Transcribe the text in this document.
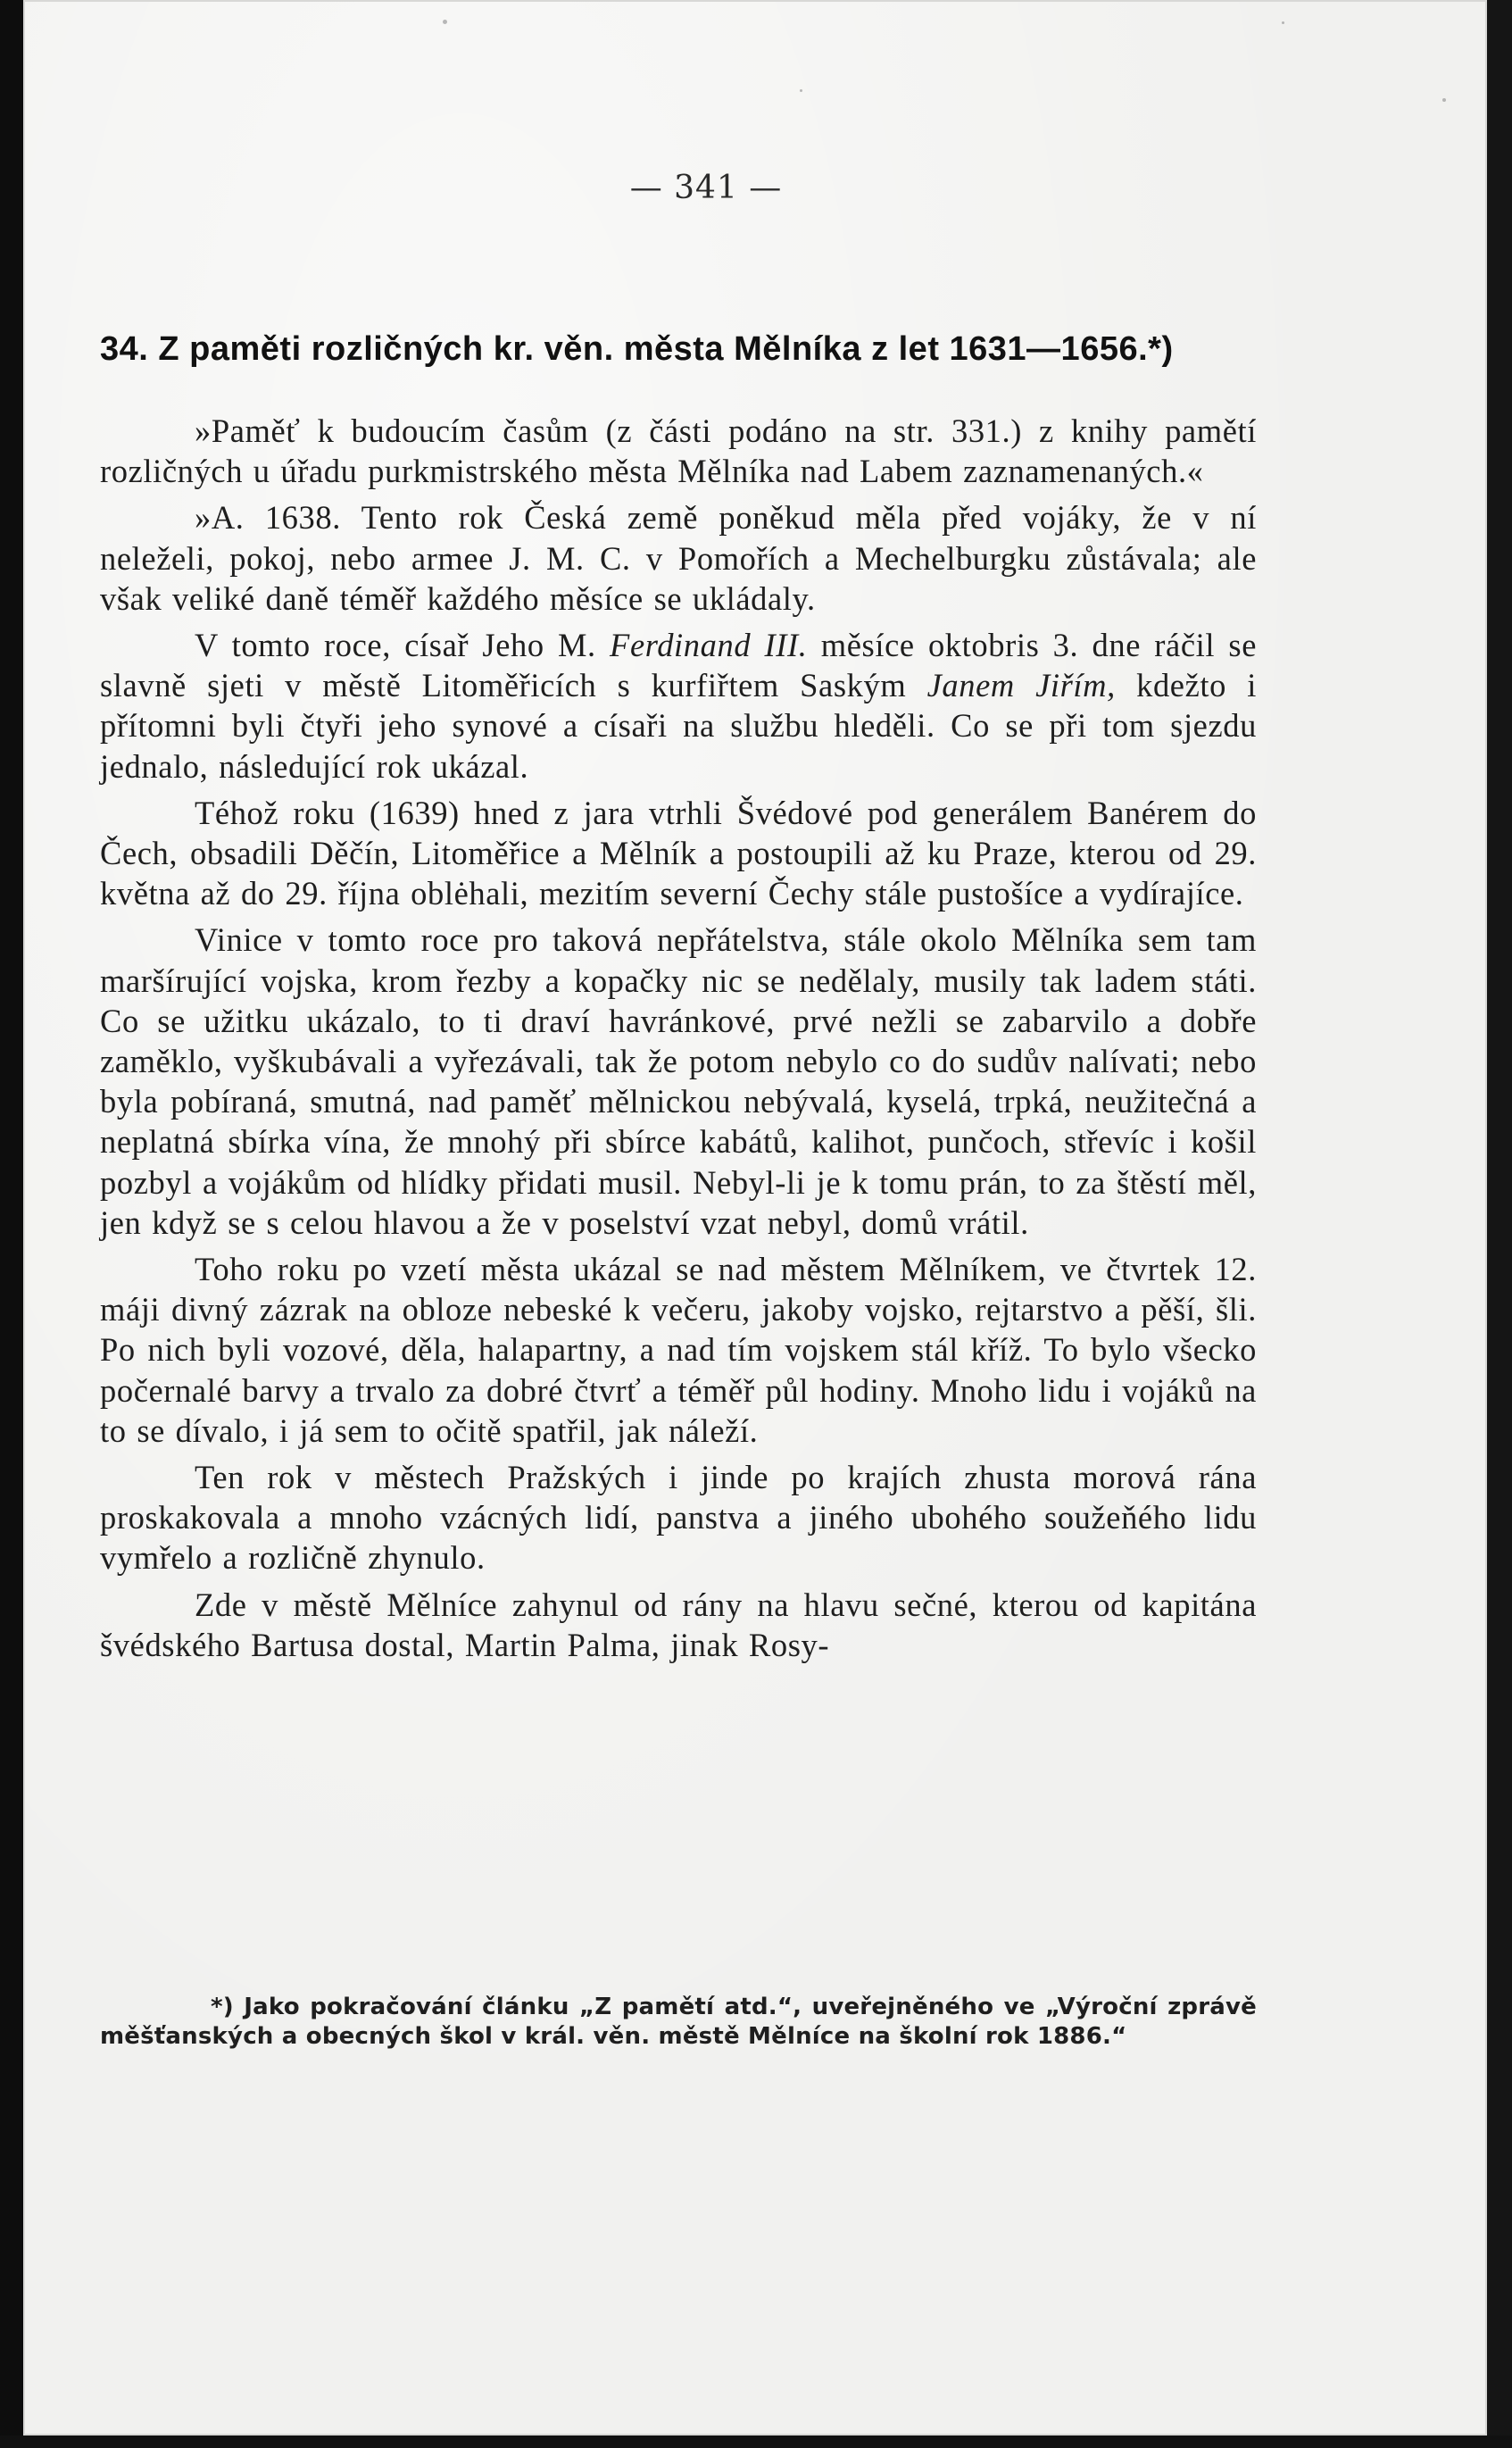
— 341 —
34. Z paměti rozličných kr. věn. města Mělníka z let 1631—1656.*)

»Paměť k budoucím časům (z části podáno na str. 331.) z knihy pamětí rozličných u úřadu purkmistrského města Mělníka nad Labem zaznamenaných.«

»A. 1638. Tento rok Česká země poněkud měla před vojáky, že v ní neleželi, pokoj, nebo armee J. M. C. v Pomořích a Mechelburgku zůstávala; ale však veliké daně téměř každého měsíce se ukládaly.

V tomto roce, císař Jeho M. Ferdinand III. měsíce oktobris 3. dne ráčil se slavně sjeti v městě Litoměřicích s kurfiřtem Saským Janem Jiřím, kdežto i přítomni byli čtyři jeho synové a císaři na službu hleděli. Co se při tom sjezdu jednalo, následující rok ukázal.

Téhož roku (1639) hned z jara vtrhli Švédové pod generálem Banérem do Čech, obsadili Děčín, Litoměřice a Mělník a postoupili až ku Praze, kterou od 29. května až do 29. října oblėhali, mezitím severní Čechy stále pustošíce a vydírajíce.

Vinice v tomto roce pro taková nepřátelstva, stále okolo Mělníka sem tam maršírující vojska, krom řezby a kopačky nic se nedělaly, musily tak ladem státi. Co se užitku ukázalo, to ti draví havránkové, prvé nežli se zabarvilo a dobře zaměklo, vyškubávali a vyřezávali, tak že potom nebylo co do sudův nalívati; nebo byla pobíraná, smutná, nad paměť mělnickou nebývalá, kyselá, trpká, neužitečná a neplatná sbírka vína, že mnohý při sbírce kabátů, kalihot, punčoch, střevíc i košil pozbyl a vojákům od hlídky přidati musil. Nebyl-li je k tomu prán, to za štěstí měl, jen když se s celou hlavou a že v poselství vzat nebyl, domů vrátil.

Toho roku po vzetí města ukázal se nad městem Mělníkem, ve čtvrtek 12. máji divný zázrak na obloze nebeské k večeru, jakoby vojsko, rejtarstvo a pěší, šli. Po nich byli vozové, děla, halapartny, a nad tím vojskem stál kříž. To bylo všecko počernalé barvy a trvalo za dobré čtvrť a téměř půl hodiny. Mnoho lidu i vojáků na to se dívalo, i já sem to očitě spatřil, jak náleží.

Ten rok v městech Pražských i jinde po krajích zhusta morová rána proskakovala a mnoho vzácných lidí, panstva a jiného ubohého soužeňého lidu vymřelo a rozličně zhynulo.

Zde v městě Mělníce zahynul od rány na hlavu sečné, kterou od kapitána švédského Bartusa dostal, Martin Palma, jinak Rosy-

*) Jako pokračování článku „Z pamětí atd.“, uveřejněného ve „Výroční zprávě měšťanských a obecných škol v král. věn. městě Mělníce na školní rok 1886.“
